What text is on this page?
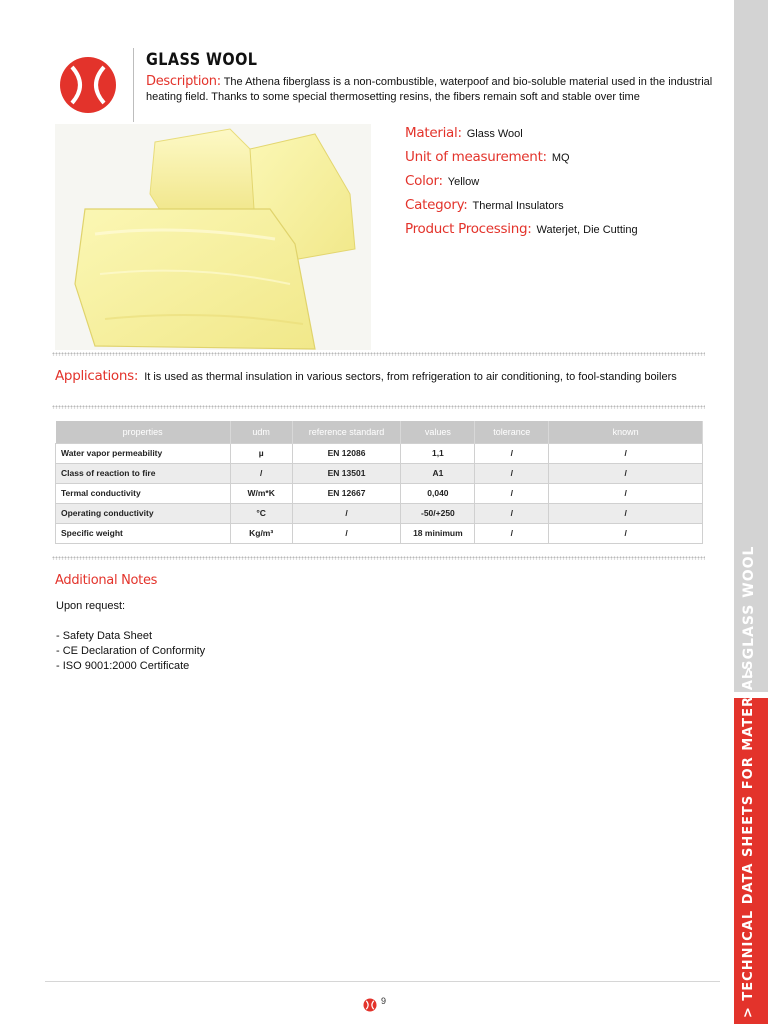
GLASS WOOL
Description: The Athena fiberglass is a non-combustible, waterpoof and bio-soluble material used in the industrial heating field. Thanks to some special thermosetting resins, the fibers remain soft and stable over time
Material: Glass Wool
Unit of measurement: MQ
Color: Yellow
Category: Thermal Insulators
Product Processing: Waterjet, Die Cutting
Applications: It is used as thermal insulation in various sectors, from refrigeration to air conditioning, to fool-standing boilers
properties	udm	reference standard	values	tolerance	known
Water vapor permeability	µ	EN 12086	1,1	/	/
Class of reaction to fire	/	EN 13501	A1	/	/
Termal conductivity	W/m*K	EN 12667	0,040	/	/
Operating conductivity	°C	/	-50/+250	/	/
Specific weight	Kg/m³	/	18 minimum	/	/
Additional Notes
Upon request:
- Safety Data Sheet
- CE Declaration of Conformity
- ISO 9001:2000 Certificate
9
> GLASS WOOL
> TECHNICAL DATA SHEETS FOR MATERIALS
